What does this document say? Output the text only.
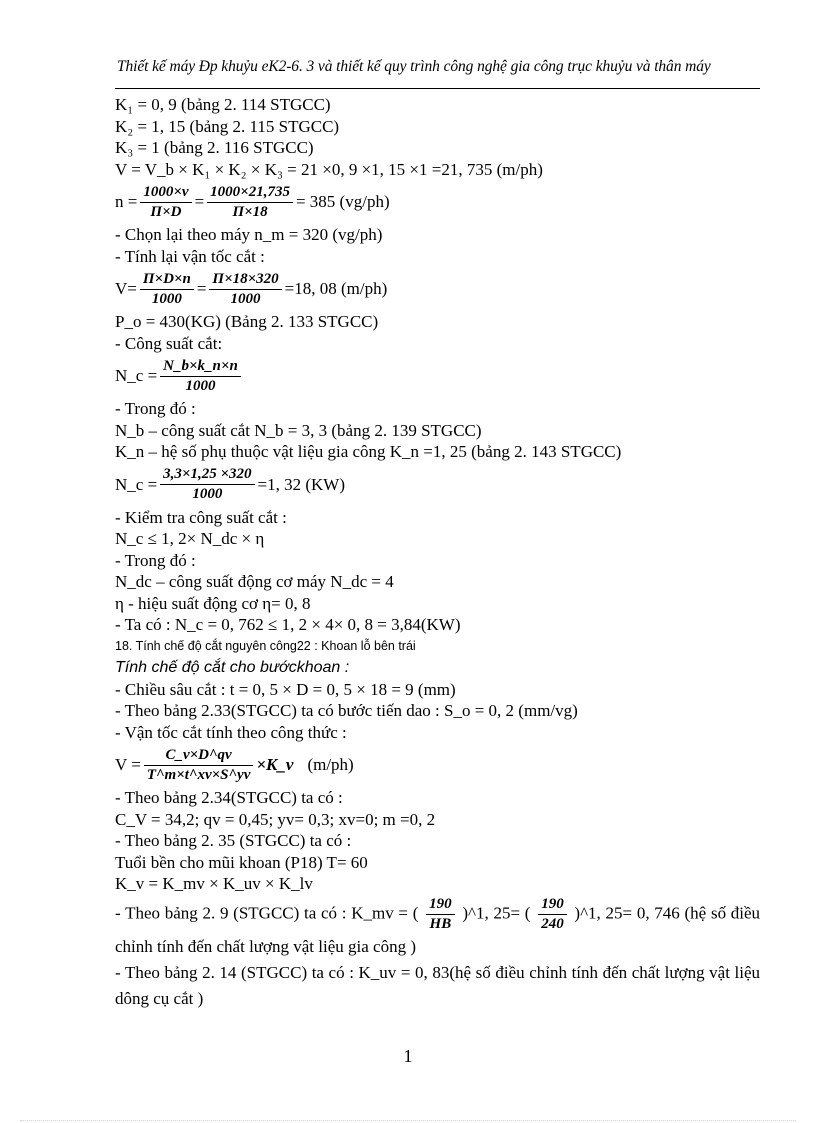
Thiết kế máy Đp khuỷu eK2-6. 3 và thiết kế quy trình công nghệ gia công trục khuỷu và thân máy
K₁ = 0, 9 (bảng 2. 114 STGCC)
K₂ = 1, 15 (bảng 2. 115 STGCC)
K₃ = 1 (bảng 2. 116 STGCC)
V = V_b × K₁ × K₂ × K₃ = 21 ×0, 9 ×1, 15 ×1 =21, 735 (m/ph)
$n = \frac{1000\times v}{\Pi\times D} = \frac{1000\times 21,735}{\Pi\times 18} = 385$ (vg/ph)
- Chọn lại theo máy n_m = 320 (vg/ph)
- Tính lại vận tốc cắt :
$V= \frac{\Pi\times D\times n}{1000} = \frac{\Pi\times 18\times 320}{1000} =18$, 08 (m/ph)
P_o = 430(KG) (Bảng 2. 133 STGCC)
- Công suất cắt:
N_c = $\frac{N\_b\times k\_n\times n}{1000}$
- Trong đó :
N_b – công suất cắt N_b = 3, 3 (bảng 2. 139 STGCC)
K_n – hệ số phụ thuộc vật liệu gia công K_n =1, 25 (bảng 2. 143 STGCC)
N_c = $\frac{3,3\times 1,25 \times 320}{1000} =1$, 32 (KW)
- Kiểm tra công suất cắt :
N_c ≤ 1, 2× N_dc × η
- Trong đó :
N_dc – công suất động cơ máy N_dc = 4
η - hiệu suất động cơ η= 0, 8
- Ta có : N_c = 0, 762 ≤ 1, 2 × 4× 0, 8 = 3,84(KW)
18. Tính chế độ cắt nguyên công22 : Khoan lỗ bên trái
Tính chế độ cắt cho bướckhoan :
- Chiều sâu cắt : t = 0, 5 × D = 0, 5 × 18 = 9 (mm)
- Theo bảng 2.33(STGCC) ta có bước tiến dao : S_o = 0, 2 (mm/vg)
- Vận tốc cắt tính theo công thức :
$V = \frac{C\_v\times D\^{}qv}{T\^{}m\times t\^{}xv\times S\^{}yv}$ ×K_v (m/ph)
- Theo bảng 2.34(STGCC) ta có :
C_V = 34,2; qv = 0,45; yv= 0,3; xv=0; m =0, 2
- Theo bảng 2. 35 (STGCC) ta có :
Tuổi bền cho mũi khoan (P18) T= 60
K_v = K_mv × K_uv × K_lv
- Theo bảng 2. 9 (STGCC) ta có : K_mv = ( $\frac{190}{HB}$ )^1, 25= ( $\frac{190}{240}$ )^1, 25= 0, 746 (hệ số điều chỉnh tính đến chất lượng vật liệu gia công )
- Theo bảng 2. 14 (STGCC) ta có : K_uv = 0, 83(hệ số điều chỉnh tính đến chất lượng vật liệu dông cụ cắt )
1
